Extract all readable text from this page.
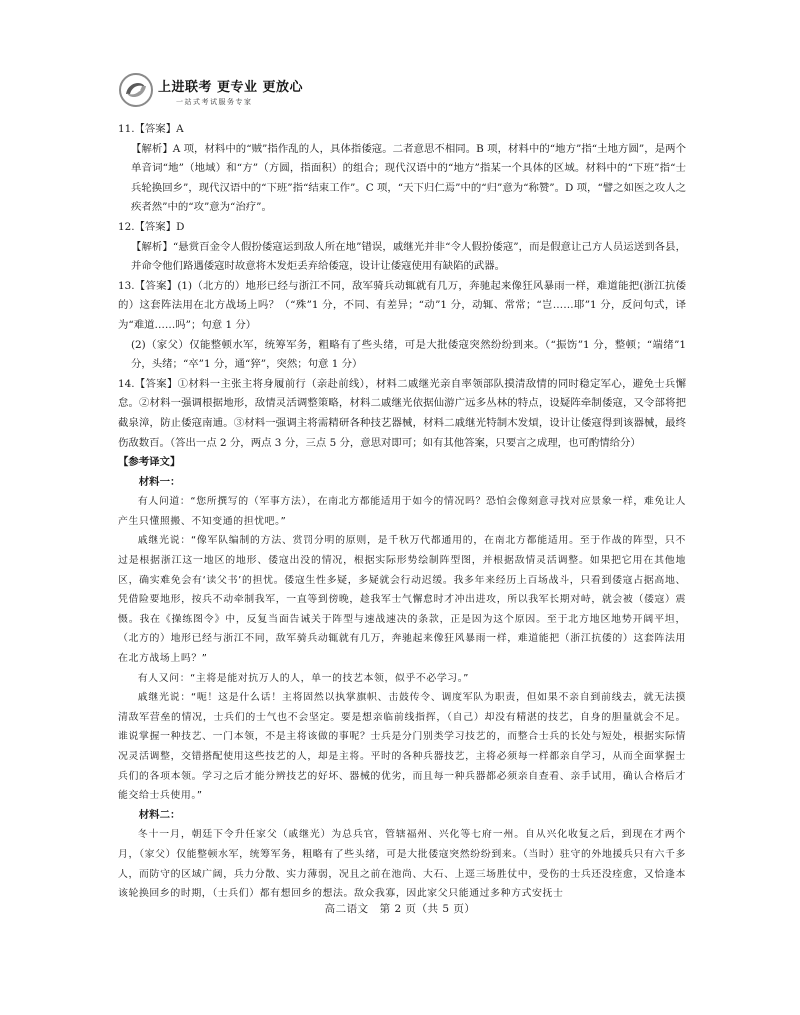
上进联考 更专业 更放心
一站式考试服务专家

11.【答案】A

【解析】A 项，材料中的“贼”指作乱的人，具体指倭寇。二者意思不相同。B 项，材料中的“地方”指“土地方圆”，是两个单音词“地”（地域）和“方”（方圆，指面积）的组合；现代汉语中的“地方”指某一个具体的区域。材料中的“下班”指“士兵轮换回乡”，现代汉语中的“下班”指“结束工作”。C 项，“天下归仁焉”中的“归”意为“称赞”。D 项，“譬之如医之攻人之疾者然”中的“攻”意为“治疗”。

12.【答案】D

【解析】“悬赏百金令人假扮倭寇运到敌人所在地”错误，戚继光并非“令人假扮倭寇”，而是假意让己方人员运送到各县，并命令他们路遇倭寇时故意将木发炬丢弃给倭寇，设计让倭寇使用有缺陷的武器。

13.【答案】(1)（北方的）地形已经与浙江不同，敌军骑兵动辄就有几万，奔驰起来像狂风暴雨一样，难道能把(浙江抗倭的）这套阵法用在北方战场上吗？（“殊”1 分，不同、有差异；“动”1 分，动辄、常常；“岂……耶”1 分，反问句式，译为“难道……吗”；句意 1 分）

(2)（家父）仅能整顿水军，统筹军务，粗略有了些头绪，可是大批倭寇突然纷纷到来。（“振饬”1 分，整顿；“端绪”1 分，头绪；“卒”1 分，通“猝”，突然；句意 1 分）

14.【答案】①材料一主张主将身履前行（亲赴前线），材料二戚继光亲自率领部队摸清敌情的同时稳定军心，避免士兵懈怠。②材料一强调根据地形，敌情灵活调整策略，材料二戚继光依据仙游广远多丛林的特点，设疑阵牵制倭寇，又令部将把截泉漳，防止倭寇南逋。③材料一强调主将需精研各种技艺器械，材料二戚继光特制木发熕，设计让倭寇得到该器械，最终伤敌数百。（答出一点 2 分，两点 3 分，三点 5 分，意思对即可；如有其他答案，只要言之成理，也可酌情给分）

【参考译文】

材料一：

有人问道：“您所撰写的（军事方法），在南北方都能适用于如今的情况吗？恐怕会像刻意寻找对应景象一样，难免让人产生只懂照搬、不知变通的担忧吧。”

戚继光说：“像军队编制的方法、赏罚分明的原则，是千秋万代都通用的，在南北方都能适用。至于作战的阵型，只不过是根据浙江这一地区的地形、倭寇出没的情况，根据实际形势绘制阵型图，并根据敌情灵活调整。如果把它用在其他地区，确实难免会有‘读父书’的担忧。倭寇生性多疑，多疑就会行动迟缓。我多年来经历上百场战斗，只看到倭寇占据高地、凭借险要地形，按兵不动牵制我军，一直等到傍晚，趁我军士气懈怠时才冲出进攻，所以我军长期对峙，就会被（倭寇）震慑。我在《操练图令》中，反复当面告诫关于阵型与速战速决的条款，正是因为这个原因。至于北方地区地势开阔平坦，（北方的）地形已经与浙江不同，敌军骑兵动辄就有几万，奔驰起来像狂风暴雨一样，难道能把（浙江抗倭的）这套阵法用在北方战场上吗？”

有人又问：“主将是能对抗万人的人，单一的技艺本领，似乎不必学习。”

戚继光说：“呃！这是什么话！主将固然以执掌旗帜、击鼓传令、调度军队为职责，但如果不亲自到前线去，就无法摸清敌军营垒的情况，士兵们的士气也不会坚定。要是想亲临前线指挥，（自己）却没有精湛的技艺，自身的胆量就会不足。谁说掌握一种技艺、一门本领，不是主将该做的事呢？士兵是分门别类学习技艺的，而整合士兵的长处与短处，根据实际情况灵活调整，交错搭配使用这些技艺的人，却是主将。平时的各种兵器技艺，主将必须每一样都亲自学习，从而全面掌握士兵们的各项本领。学习之后才能分辨技艺的好坏、器械的优劣，而且每一种兵器都必须亲自查看、亲手试用，确认合格后才能交给士兵使用。”

材料二：

冬十一月，朝廷下令升任家父（戚继光）为总兵官，管辖福州、兴化等七府一州。自从兴化收复之后，到现在才两个月，（家父）仅能整顿水军，统筹军务，粗略有了些头绪，可是大批倭寇突然纷纷到来。（当时）驻守的外地援兵只有六千多人，而防守的区域广阔，兵力分散、实力薄弱，况且之前在池尚、大石、上逕三场胜仗中，受伤的士兵还没痊愈，又恰逢本该轮换回乡的时期，（士兵们）都有想回乡的想法。敌众我寡，因此家父只能通过多种方式安抚士

高二语文　第 2 页（共 5 页）
